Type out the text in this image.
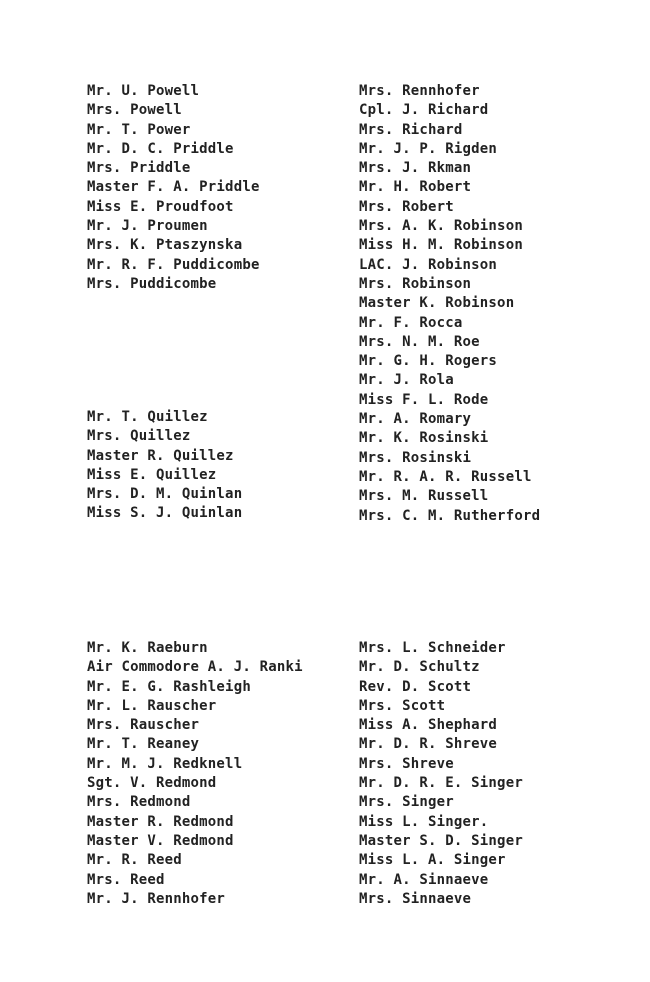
Mr. U. Powell
Mrs. Powell
Mr. T. Power
Mr. D. C. Priddle
Mrs. Priddle
Master F. A. Priddle
Miss E. Proudfoot
Mr. J. Proumen
Mrs. K. Ptaszynska
Mr. R. F. Puddicombe
Mrs. Puddicombe
Mr. T. Quillez
Mrs. Quillez
Master R. Quillez
Miss E. Quillez
Mrs. D. M. Quinlan
Miss S. J. Quinlan
Mrs. Rennhofer
Cpl. J. Richard
Mrs. Richard
Mr. J. P. Rigden
Mrs. J. Rkman
Mr. H. Robert
Mrs. Robert
Mrs. A. K. Robinson
Miss H. M. Robinson
LAC. J. Robinson
Mrs. Robinson
Master K. Robinson
Mr. F. Rocca
Mrs. N. M. Roe
Mr. G. H. Rogers
Mr. J. Rola
Miss F. L. Rode
Mr. A. Romary
Mr. K. Rosinski
Mrs. Rosinski
Mr. R. A. R. Russell
Mrs. M. Russell
Mrs. C. M. Rutherford
Mr. K. Raeburn
Air Commodore A. J. Ranki
Mr. E. G. Rashleigh
Mr. L. Rauscher
Mrs. Rauscher
Mr. T. Reaney
Mr. M. J. Redknell
Sgt. V. Redmond
Mrs. Redmond
Master R. Redmond
Master V. Redmond
Mr. R. Reed
Mrs. Reed
Mr. J. Rennhofer
Mrs. L. Schneider
Mr. D. Schultz
Rev. D. Scott
Mrs. Scott
Miss A. Shephard
Mr. D. R. Shreve
Mrs. Shreve
Mr. D. R. E. Singer
Mrs. Singer
Miss L. Singer.
Master S. D. Singer
Miss L. A. Singer
Mr. A. Sinnaeve
Mrs. Sinnaeve
